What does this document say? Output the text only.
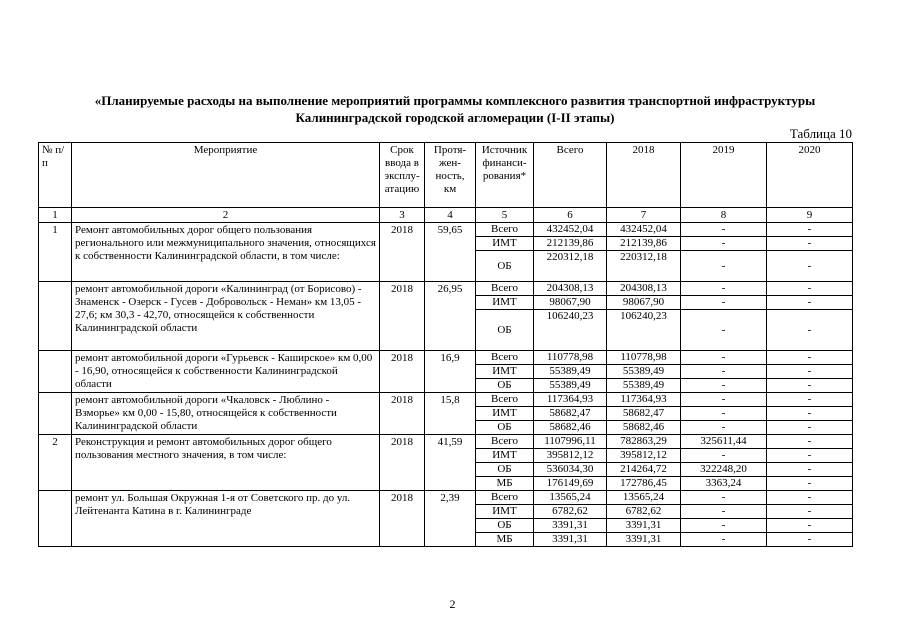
«Планируемые расходы на выполнение мероприятий программы комплексного развития транспортной инфраструктуры Калининградской городской агломерации (I-II этапы)
Таблица 10
№ п/п	Мероприятие	Срок ввода в эксплу-атацию	Протя-жен-ность, км	Источник финанси-рования*	Всего	2018	2019	2020
1	2	3	4	5	6	7	8	9
1	Ремонт автомобильных дорог общего пользования регионального или межмуниципального значения, относящихся к собственности Калининградской области, в том числе:	2018	59,65	Всего	432452,04	432452,04	-	-
				ИМТ	212139,86	212139,86	-	-
				ОБ	220312,18	220312,18	-	-
	ремонт автомобильной дороги «Калининград (от Борисово) - Знаменск - Озерск - Гусев - Добровольск - Неман» км 13,05 - 27,6; км 30,3 - 42,70, относящейся к собственности Калининградской области	2018	26,95	Всего	204308,13	204308,13	-	-
				ИМТ	98067,90	98067,90	-	-
				ОБ	106240,23	106240,23	-	-
	ремонт автомобильной дороги «Гурьевск - Каширское» км 0,00 - 16,90, относящейся к собственности Калининградской области	2018	16,9	Всего	110778,98	110778,98	-	-
				ИМТ	55389,49	55389,49	-	-
				ОБ	55389,49	55389,49	-	-
	ремонт автомобильной дороги «Чкаловск - Люблино - Взморье» км 0,00 - 15,80, относящейся к собственности Калининградской области	2018	15,8	Всего	117364,93	117364,93	-	-
				ИМТ	58682,47	58682,47	-	-
				ОБ	58682,46	58682,46	-	-
2	Реконструкция и ремонт автомобильных дорог общего пользования местного значения, в том числе:	2018	41,59	Всего	1107996,11	782863,29	325611,44	-
				ИМТ	395812,12	395812,12	-	-
				ОБ	536034,30	214264,72	322248,20	-
				МБ	176149,69	172786,45	3363,24	-
	ремонт ул. Большая Окружная 1-я от Советского пр. до ул. Лейтенанта Катина в г. Калининграде	2018	2,39	Всего	13565,24	13565,24	-	-
				ИМТ	6782,62	6782,62	-	-
				ОБ	3391,31	3391,31	-	-
				МБ	3391,31	3391,31	-	-
2
